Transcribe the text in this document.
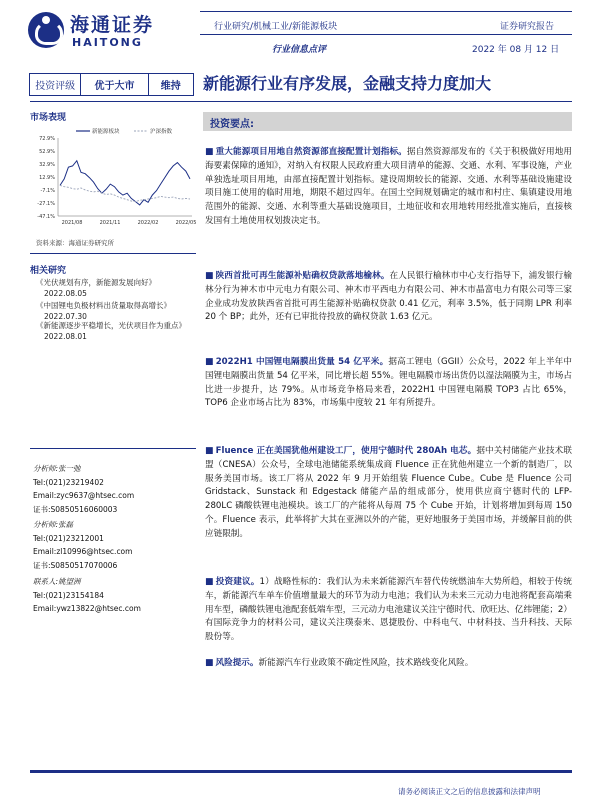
海通证券
HAITONG
行业研究/机械工业/新能源板块	证券研究报告
行业信息点评	2022 年 08 月 12 日
投资评级	优于大市	维持	新能源行业有序发展，金融支持力度加大
市场表现
72.9%
52.9%
32.9%
12.9%
-7.1%
-27.1%
-47.1%
2021/08	2021/11	2022/02	2022/05
新能源板块	沪深指数
资料来源：海通证券研究所
相关研究
《光伏规划有序，新能源发展向好》
2022.08.05
《中国锂电负极材料出货量取得高增长》
2022.07.30
《新能源逐步平稳增长，光伏项目作为重点》
2022.08.01
分析师:张一弛
Tel:(021)23219402
Email:zyc9637@htsec.com
证书:S0850516060003
分析师:张磊
Tel:(021)23212001
Email:zl10996@htsec.com
证书:S0850517070006
联系人:姚望洲
Tel:(021)23154184
Email:ywz13822@htsec.com
投资要点:
■ 重大能源项目用地自然资源部直接配置计划指标。据自然资源部发布的《关于积极做好用地用海要素保障的通知》，对纳入有权限人民政府重大项目清单的能源、交通、水利、军事设施，产业单独选址项目用地，由部直接配置计划指标。建设周期较长的能源、交通、水利等基础设施建设项目施工使用的临时用地，期限不超过四年。在国土空间规划确定的城市和村庄、集镇建设用地范围外的能源、交通、水利等重大基础设施项目，土地征收和农用地转用经批准实施后，直接核发国有土地使用权划拨决定书。
■ 陕西首批可再生能源补贴确权贷款落地榆林。在人民银行榆林市中心支行指导下，浦发银行榆林分行为神木市中元电力有限公司、神木市平西电力有限公司、神木市晶富电力有限公司等三家企业成功发放陕西省首批可再生能源补贴确权贷款 0.41 亿元，利率 3.5%，低于同期 LPR 利率 20 个 BP；此外，还有已审批待投放的确权贷款 1.63 亿元。
■ 2022H1 中国锂电隔膜出货量 54 亿平米。据高工锂电（GGII）公众号，2022 年上半年中国锂电隔膜出货量 54 亿平米，同比增长超 55%。锂电隔膜市场出货仍以湿法隔膜为主，市场占比进一步提升，达 79%。从市场竞争格局来看，2022H1 中国锂电隔膜 TOP3 占比 65%，TOP6 企业市场占比为 83%，市场集中度较 21 年有所提升。
■ Fluence 正在美国犹他州建设工厂，使用宁德时代 280Ah 电芯。据中关村储能产业技术联盟（CNESA）公众号，全球电池储能系统集成商 Fluence 正在犹他州建立一个新的制造厂，以服务美国市场。该工厂将从 2022 年 9 月开始组装 Fluence Cube。Cube 是 Fluence 公司 Gridstack、Sunstack 和 Edgestack 储能产品的组成部分，使用供应商宁德时代的 LFP-280LC 磷酸铁锂电池模块。该工厂的产能将从每周 75 个 Cube 开始，计划将增加到每周 150 个。Fluence 表示，此举将扩大其在亚洲以外的产能，更好地服务于美国市场，并缓解目前的供应链限制。
■ 投资建议。1）战略性标的：我们认为未来新能源汽车替代传统燃油车大势所趋，相较于传统车，新能源汽车单车价值增量最大的环节为动力电池；我们认为未来三元动力电池将配套高端乘用车型，磷酸铁锂电池配套低端车型，三元动力电池建议关注宁德时代、欣旺达、亿纬锂能；2）有国际竞争力的材料公司，建议关注璞泰来、恩捷股份、中科电气、中材科技、当升科技、天际股份等。
■ 风险提示。新能源汽车行业政策不确定性风险，技术路线变化风险。
请务必阅读正文之后的信息披露和法律声明
